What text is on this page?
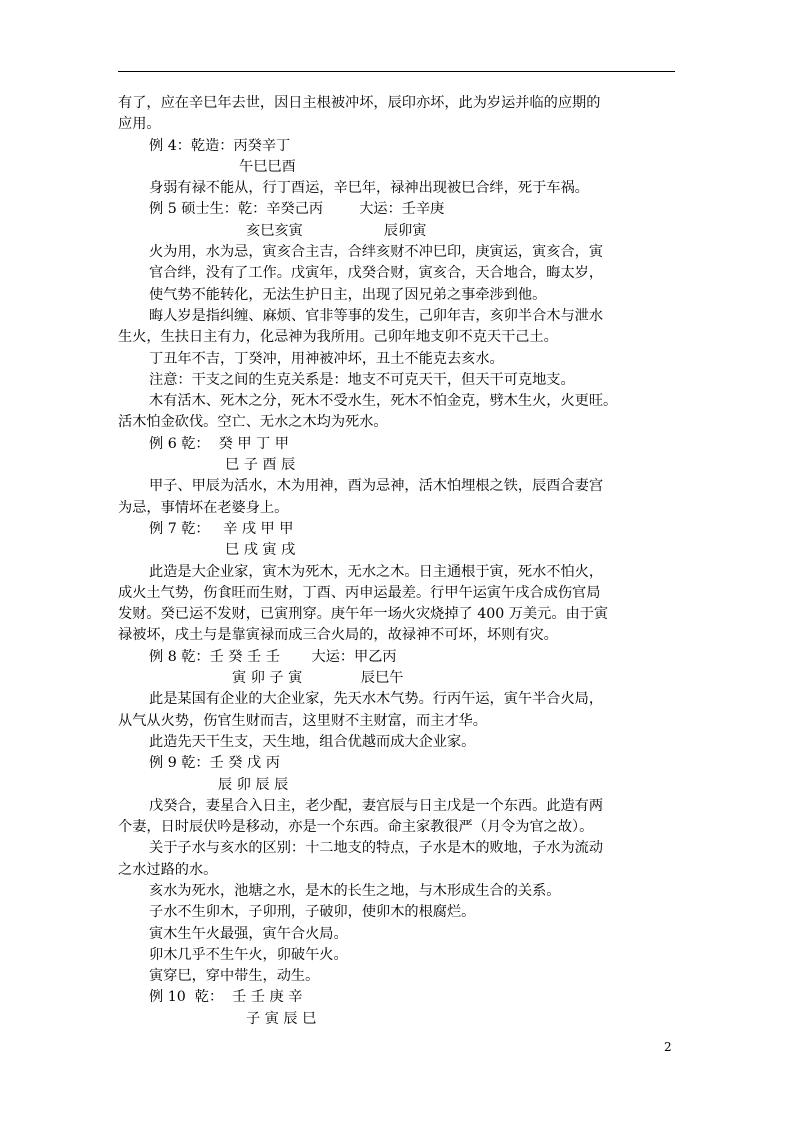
有了，应在辛巳年去世，因日主根被冲坏，辰印亦坏，此为岁运并临的应期的
应用。
例 4：乾造：丙癸辛丁
午巳巳酉
身弱有禄不能从，行丁酉运，辛巳年，禄神出现被巳合绊，死于车祸。
例 5 硕士生：乾：辛癸己丙        大运：壬辛庚
亥巳亥寅                  辰卯寅
火为用，水为忌，寅亥合主吉，合绊亥财不冲巳印，庚寅运，寅亥合，寅
官合绊，没有了工作。戊寅年，戊癸合财，寅亥合，天合地合，晦太岁，
使气势不能转化，无法生护日主，出现了因兄弟之事牵涉到他。
晦人岁是指纠缠、麻烦、官非等事的发生，己卯年吉，亥卯半合木与泄水
生火，生扶日主有力，化忌神为我所用。己卯年地支卯不克天干己土。
丁丑年不吉，丁癸冲，用神被冲坏，丑土不能克去亥水。
注意：干支之间的生克关系是：地支不可克天干，但天干可克地支。
木有活木、死木之分，死木不受水生，死木不怕金克，劈木生火，火更旺。
活木怕金砍伐。空亡、无水之木均为死水。
例 6 乾：  癸 甲 丁 甲
巳 子 酉 辰
甲子、甲辰为活水，木为用神，酉为忌神，活木怕埋根之铁，辰酉合妻宫
为忌，事情坏在老婆身上。
例 7 乾：   辛 戌 甲 甲
巳 戌 寅 戌
此造是大企业家，寅木为死木，无水之木。日主通根于寅，死水不怕火，
成火土气势，伤食旺而生财，丁酉、丙申运最差。行甲午运寅午戌合成伤官局
发财。癸已运不发财，已寅刑穿。庚午年一场火灾烧掉了 400 万美元。由于寅
禄被坏，戌土与是靠寅禄而成三合火局的，故禄神不可坏，坏则有灾。
例 8 乾：壬 癸 壬 壬       大运：甲乙丙
寅 卯 子 寅             辰巳午
此是某国有企业的大企业家，先天水木气势。行丙午运，寅午半合火局，
从气从火势，伤官生财而吉，这里财不主财富，而主才华。
此造先天干生支，天生地，组合优越而成大企业家。
例 9 乾：壬 癸 戊 丙
辰 卯 辰 辰
戊癸合，妻星合入日主，老少配，妻宫辰与日主戊是一个东西。此造有两
个妻，日时辰伏吟是移动，亦是一个东西。命主家教很严（月令为官之故）。
关于子水与亥水的区别：十二地支的特点，子水是木的败地，子水为流动
之水过路的水。
亥水为死水，池塘之水，是木的长生之地，与木形成生合的关系。
子水不生卯木，子卯刑，子破卯，使卯木的根腐烂。
寅木生午火最强，寅午合火局。
卯木几乎不生午火，卯破午火。
寅穿巳，穿中带生，动生。
例 10  乾：  壬 壬 庚 辛
子 寅 辰 巳
2
